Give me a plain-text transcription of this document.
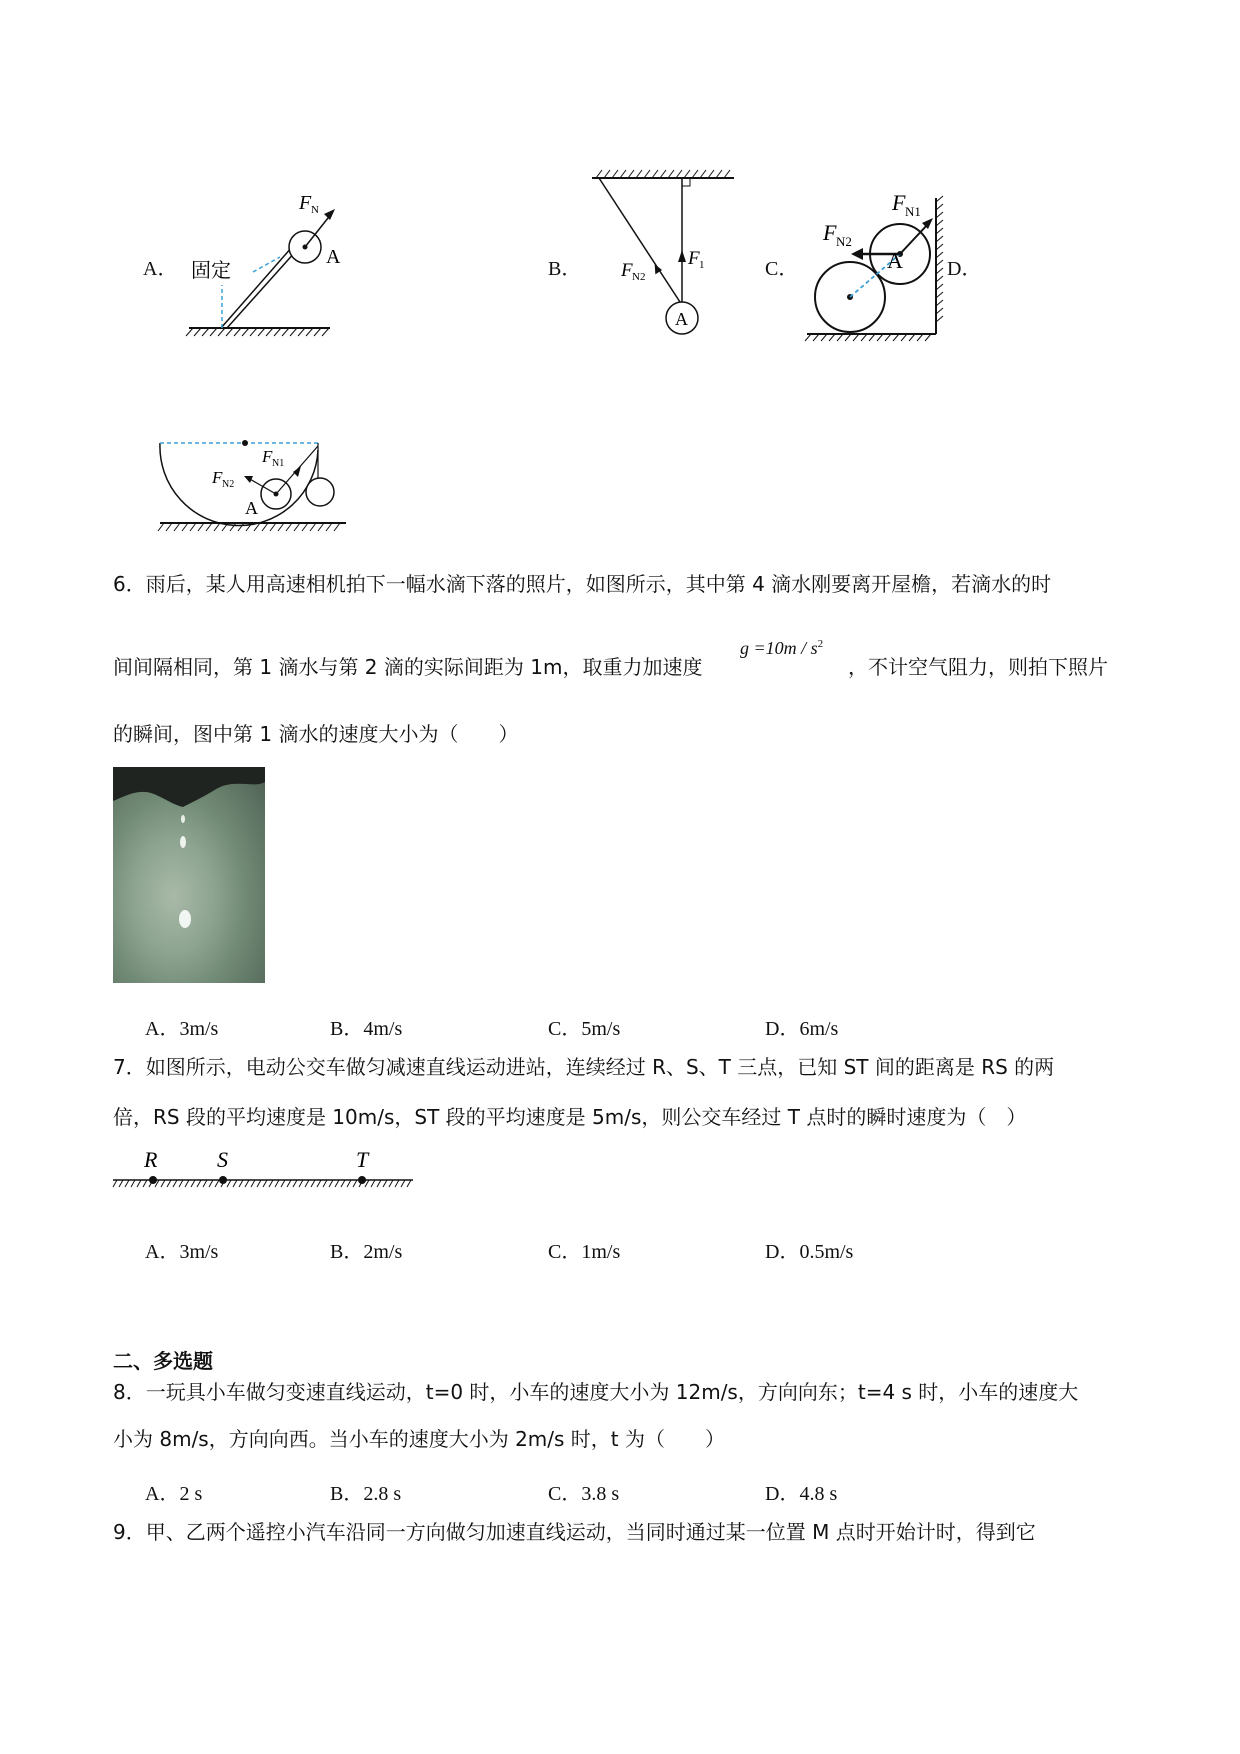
A．	B．	C．	D．
F N
A
固定
A
F 1
F N2
A
F N1
F N2
A
F N1
F N2
6．雨后，某人用高速相机拍下一幅水滴下落的照片，如图所示，其中第 4 滴水刚要离开屋檐，若滴水的时
间间隔相同，第 1 滴水与第 2 滴的实际间距为 1m，取重力加速度
$g =10m / s^2$
，不计空气阻力，则拍下照片
的瞬间，图中第 1 滴水的速度大小为（　　）
A．3m/s	B．4m/s	C．5m/s	D．6m/s
7．如图所示，电动公交车做匀减速直线运动进站，连续经过 R、S、T 三点，已知 ST 间的距离是 RS 的两
倍，RS 段的平均速度是 10m/s，ST 段的平均速度是 5m/s，则公交车经过 T 点时的瞬时速度为（　）
R	S	T
A．3m/s	B．2m/s	C．1m/s	D．0.5m/s
二、多选题
8．一玩具小车做匀变速直线运动，t=0 时，小车的速度大小为 12m/s，方向向东；t=4 s 时，小车的速度大
小为 8m/s，方向向西。当小车的速度大小为 2m/s 时，t 为（　　）
A．2 s	B．2.8 s	C．3.8 s	D．4.8 s
9．甲、乙两个遥控小汽车沿同一方向做匀加速直线运动，当同时通过某一位置 M 点时开始计时，得到它
